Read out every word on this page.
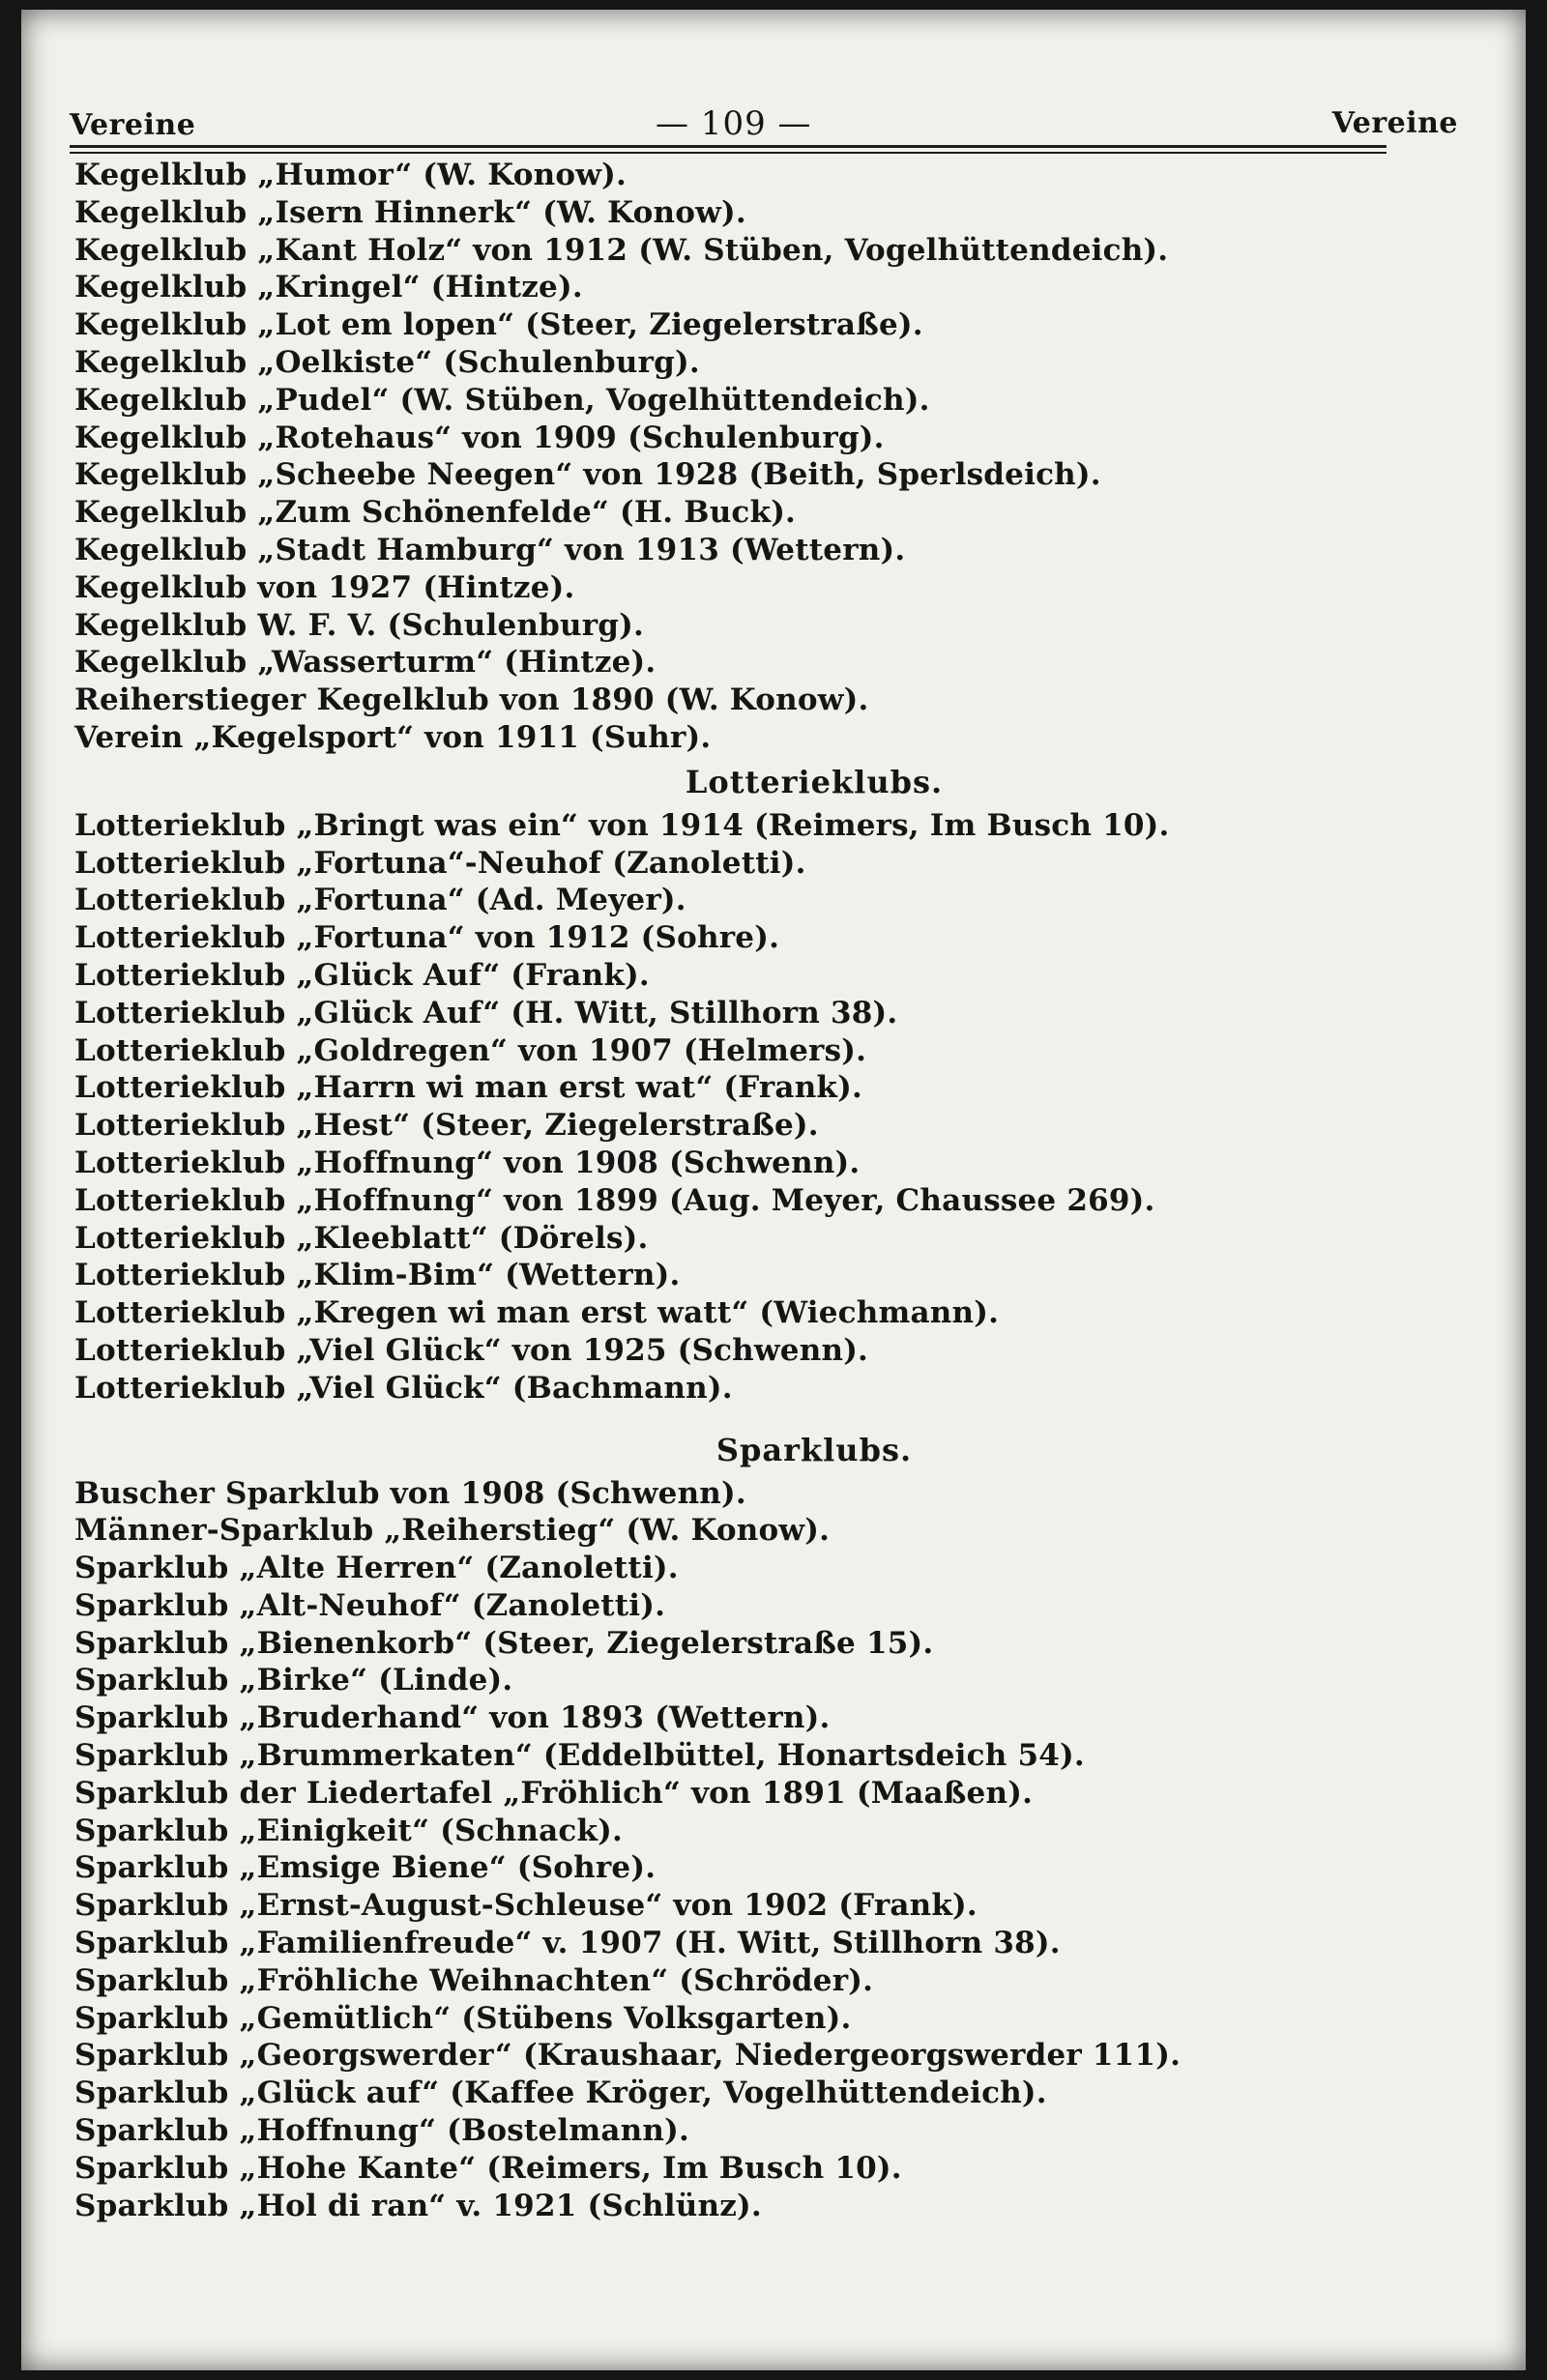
Vereine	— 109 —	Vereine
Kegelklub „Humor“ (W. Konow).
Kegelklub „Isern Hinnerk“ (W. Konow).
Kegelklub „Kant Holz“ von 1912 (W. Stüben, Vogelhüttendeich).
Kegelklub „Kringel“ (Hintze).
Kegelklub „Lot em lopen“ (Steer, Ziegelerstraße).
Kegelklub „Oelkiste“ (Schulenburg).
Kegelklub „Pudel“ (W. Stüben, Vogelhüttendeich).
Kegelklub „Rotehaus“ von 1909 (Schulenburg).
Kegelklub „Scheebe Neegen“ von 1928 (Beith, Sperlsdeich).
Kegelklub „Zum Schönenfelde“ (H. Buck).
Kegelklub „Stadt Hamburg“ von 1913 (Wettern).
Kegelklub von 1927 (Hintze).
Kegelklub W. F. V. (Schulenburg).
Kegelklub „Wasserturm“ (Hintze).
Reiherstieger Kegelklub von 1890 (W. Konow).
Verein „Kegelsport“ von 1911 (Suhr).
Lotterieklubs.
Lotterieklub „Bringt was ein“ von 1914 (Reimers, Im Busch 10).
Lotterieklub „Fortuna“-Neuhof (Zanoletti).
Lotterieklub „Fortuna“ (Ad. Meyer).
Lotterieklub „Fortuna“ von 1912 (Sohre).
Lotterieklub „Glück Auf“ (Frank).
Lotterieklub „Glück Auf“ (H. Witt, Stillhorn 38).
Lotterieklub „Goldregen“ von 1907 (Helmers).
Lotterieklub „Harrn wi man erst wat“ (Frank).
Lotterieklub „Hest“ (Steer, Ziegelerstraße).
Lotterieklub „Hoffnung“ von 1908 (Schwenn).
Lotterieklub „Hoffnung“ von 1899 (Aug. Meyer, Chaussee 269).
Lotterieklub „Kleeblatt“ (Dörels).
Lotterieklub „Klim-Bim“ (Wettern).
Lotterieklub „Kregen wi man erst watt“ (Wiechmann).
Lotterieklub „Viel Glück“ von 1925 (Schwenn).
Lotterieklub „Viel Glück“ (Bachmann).
Sparklubs.
Buscher Sparklub von 1908 (Schwenn).
Männer-Sparklub „Reiherstieg“ (W. Konow).
Sparklub „Alte Herren“ (Zanoletti).
Sparklub „Alt-Neuhof“ (Zanoletti).
Sparklub „Bienenkorb“ (Steer, Ziegelerstraße 15).
Sparklub „Birke“ (Linde).
Sparklub „Bruderhand“ von 1893 (Wettern).
Sparklub „Brummerkaten“ (Eddelbüttel, Honartsdeich 54).
Sparklub der Liedertafel „Fröhlich“ von 1891 (Maaßen).
Sparklub „Einigkeit“ (Schnack).
Sparklub „Emsige Biene“ (Sohre).
Sparklub „Ernst-August-Schleuse“ von 1902 (Frank).
Sparklub „Familienfreude“ v. 1907 (H. Witt, Stillhorn 38).
Sparklub „Fröhliche Weihnachten“ (Schröder).
Sparklub „Gemütlich“ (Stübens Volksgarten).
Sparklub „Georgswerder“ (Kraushaar, Niedergeorgswerder 111).
Sparklub „Glück auf“ (Kaffee Kröger, Vogelhüttendeich).
Sparklub „Hoffnung“ (Bostelmann).
Sparklub „Hohe Kante“ (Reimers, Im Busch 10).
Sparklub „Hol di ran“ v. 1921 (Schlünz).
